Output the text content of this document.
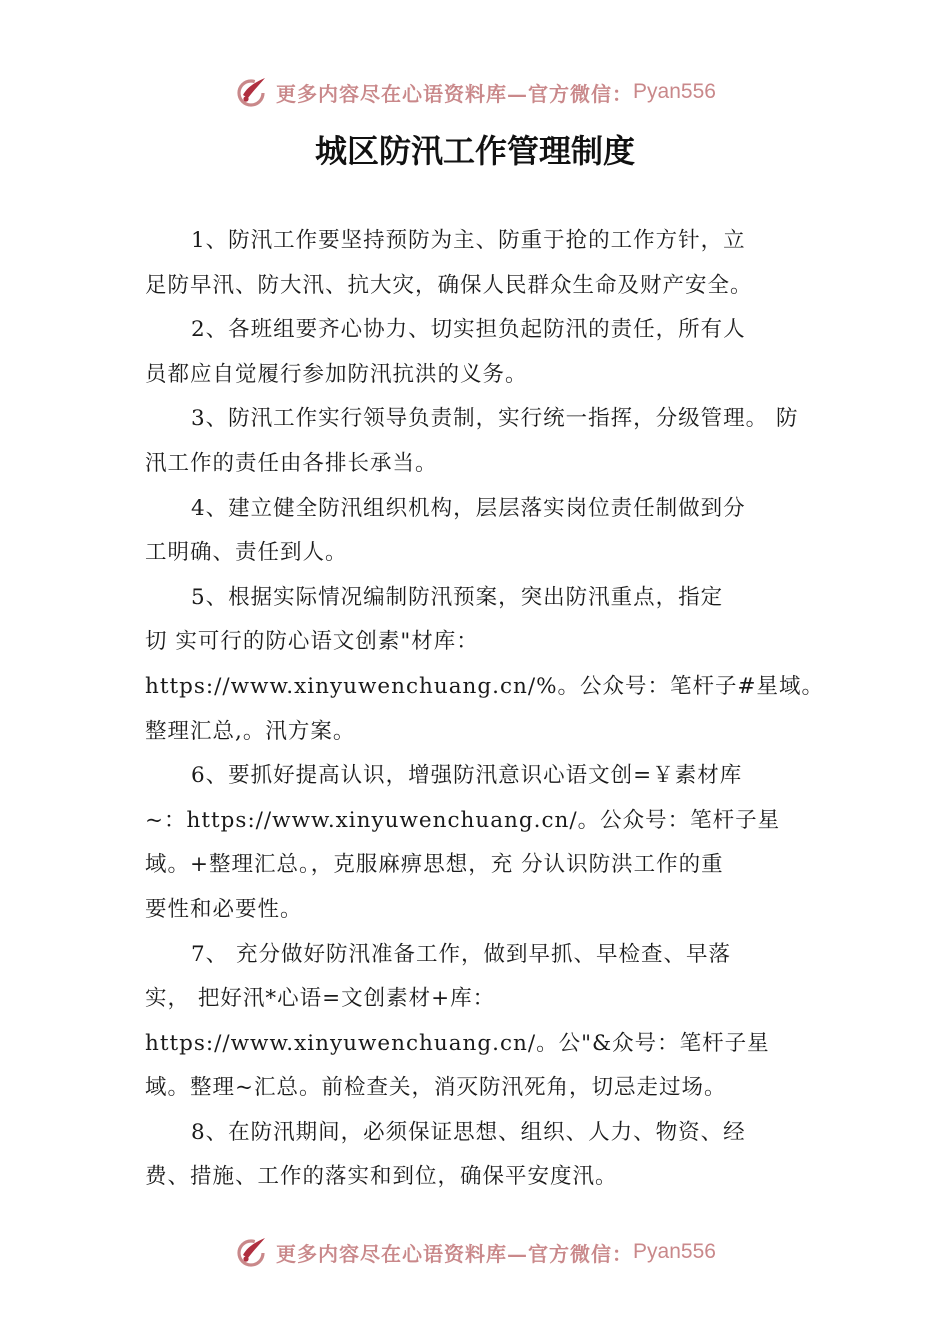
更多内容尽在心语资料库—官方微信： Pyan556
城区防汛工作管理制度
1、防汛工作要坚持预防为主、防重于抢的工作方针，立
足防早汛、防大汛、抗大灾，确保人民群众生命及财产安全。
2、各班组要齐心协力、切实担负起防汛的责任，所有人
员都应自觉履行参加防汛抗洪的义务。
3、防汛工作实行领导负责制，实行统一指挥，分级管理。 防
汛工作的责任由各排长承当。
4、建立健全防汛组织机构，层层落实岗位责任制做到分
工明确、责任到人。
5、根据实际情况编制防汛预案，突出防汛重点，指定
切 实可行的防心语文创素"材库：
https://www.xinyuwenchuang.cn/%。公众号：笔杆子#星域。
整理汇总,。汛方案。
6、要抓好提高认识，增强防汛意识心语文创=￥素材库
~：https://www.xinyuwenchuang.cn/。公众号：笔杆子星
域。+整理汇总。，克服麻痹思想，充 分认识防洪工作的重
要性和必要性。
7、 充分做好防汛准备工作，做到早抓、早检查、早落
实， 把好汛*心语=文创素材+库：
https://www.xinyuwenchuang.cn/。公"&众号：笔杆子星
域。整理~汇总。前检查关，消灭防汛死角，切忌走过场。
8、在防汛期间，必须保证思想、组织、人力、物资、经
费、措施、工作的落实和到位，确保平安度汛。
更多内容尽在心语资料库—官方微信： Pyan556
